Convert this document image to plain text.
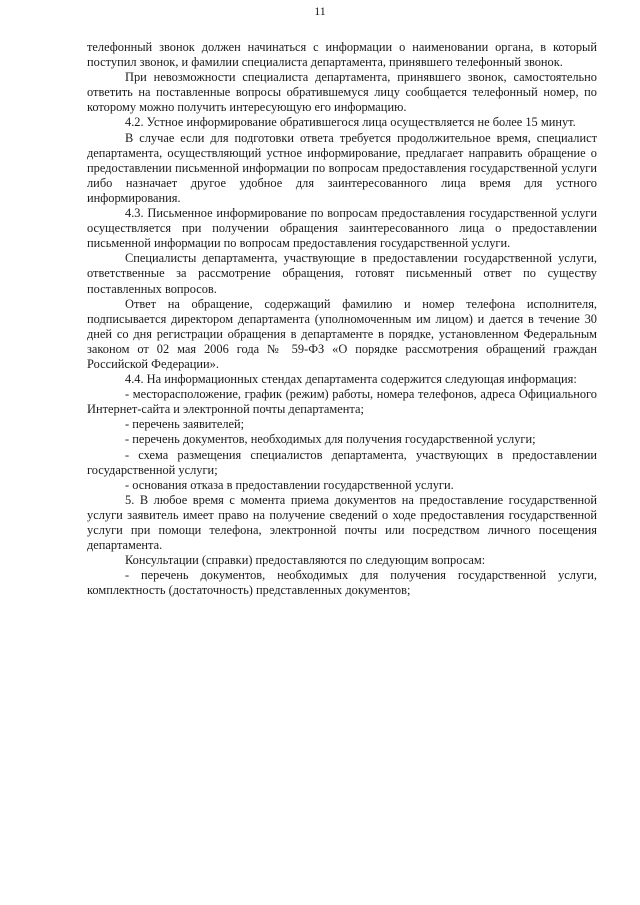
11

телефонный звонок должен начинаться с информации о наименовании органа, в который поступил звонок, и фамилии специалиста департамента, принявшего телефонный звонок.

При невозможности специалиста департамента, принявшего звонок, самостоятельно ответить на поставленные вопросы обратившемуся лицу сообщается телефонный номер, по которому можно получить интересующую его информацию.

4.2. Устное информирование обратившегося лица осуществляется не более 15 минут.

В случае если для подготовки ответа требуется продолжительное время, специалист департамента, осуществляющий устное информирование, предлагает направить обращение о предоставлении письменной информации по вопросам предоставления государственной услуги либо назначает другое удобное для заинтересованного лица время для устного информирования.

4.3. Письменное информирование по вопросам предоставления государственной услуги осуществляется при получении обращения заинтересованного лица о предоставлении письменной информации по вопросам предоставления государственной услуги.

Специалисты департамента, участвующие в предоставлении государственной услуги, ответственные за рассмотрение обращения, готовят письменный ответ по существу поставленных вопросов.

Ответ на обращение, содержащий фамилию и номер телефона исполнителя, подписывается директором департамента (уполномоченным им лицом) и дается в течение 30 дней со дня регистрации обращения в департаменте в порядке, установленном Федеральным законом от 02 мая 2006 года № 59-ФЗ «О порядке рассмотрения обращений граждан Российской Федерации».

4.4. На информационных стендах департамента содержится следующая информация:

- месторасположение, график (режим) работы, номера телефонов, адреса Официального Интернет-сайта и электронной почты департамента;

- перечень заявителей;

- перечень документов, необходимых для получения государственной услуги;

- схема размещения специалистов департамента, участвующих в предоставлении государственной услуги;

- основания отказа в предоставлении государственной услуги.

5. В любое время с момента приема документов на предоставление государственной услуги заявитель имеет право на получение сведений о ходе предоставления государственной услуги при помощи телефона, электронной почты или посредством личного посещения департамента.

Консультации (справки) предоставляются по следующим вопросам:

- перечень документов, необходимых для получения государственной услуги, комплектность (достаточность) представленных документов;
